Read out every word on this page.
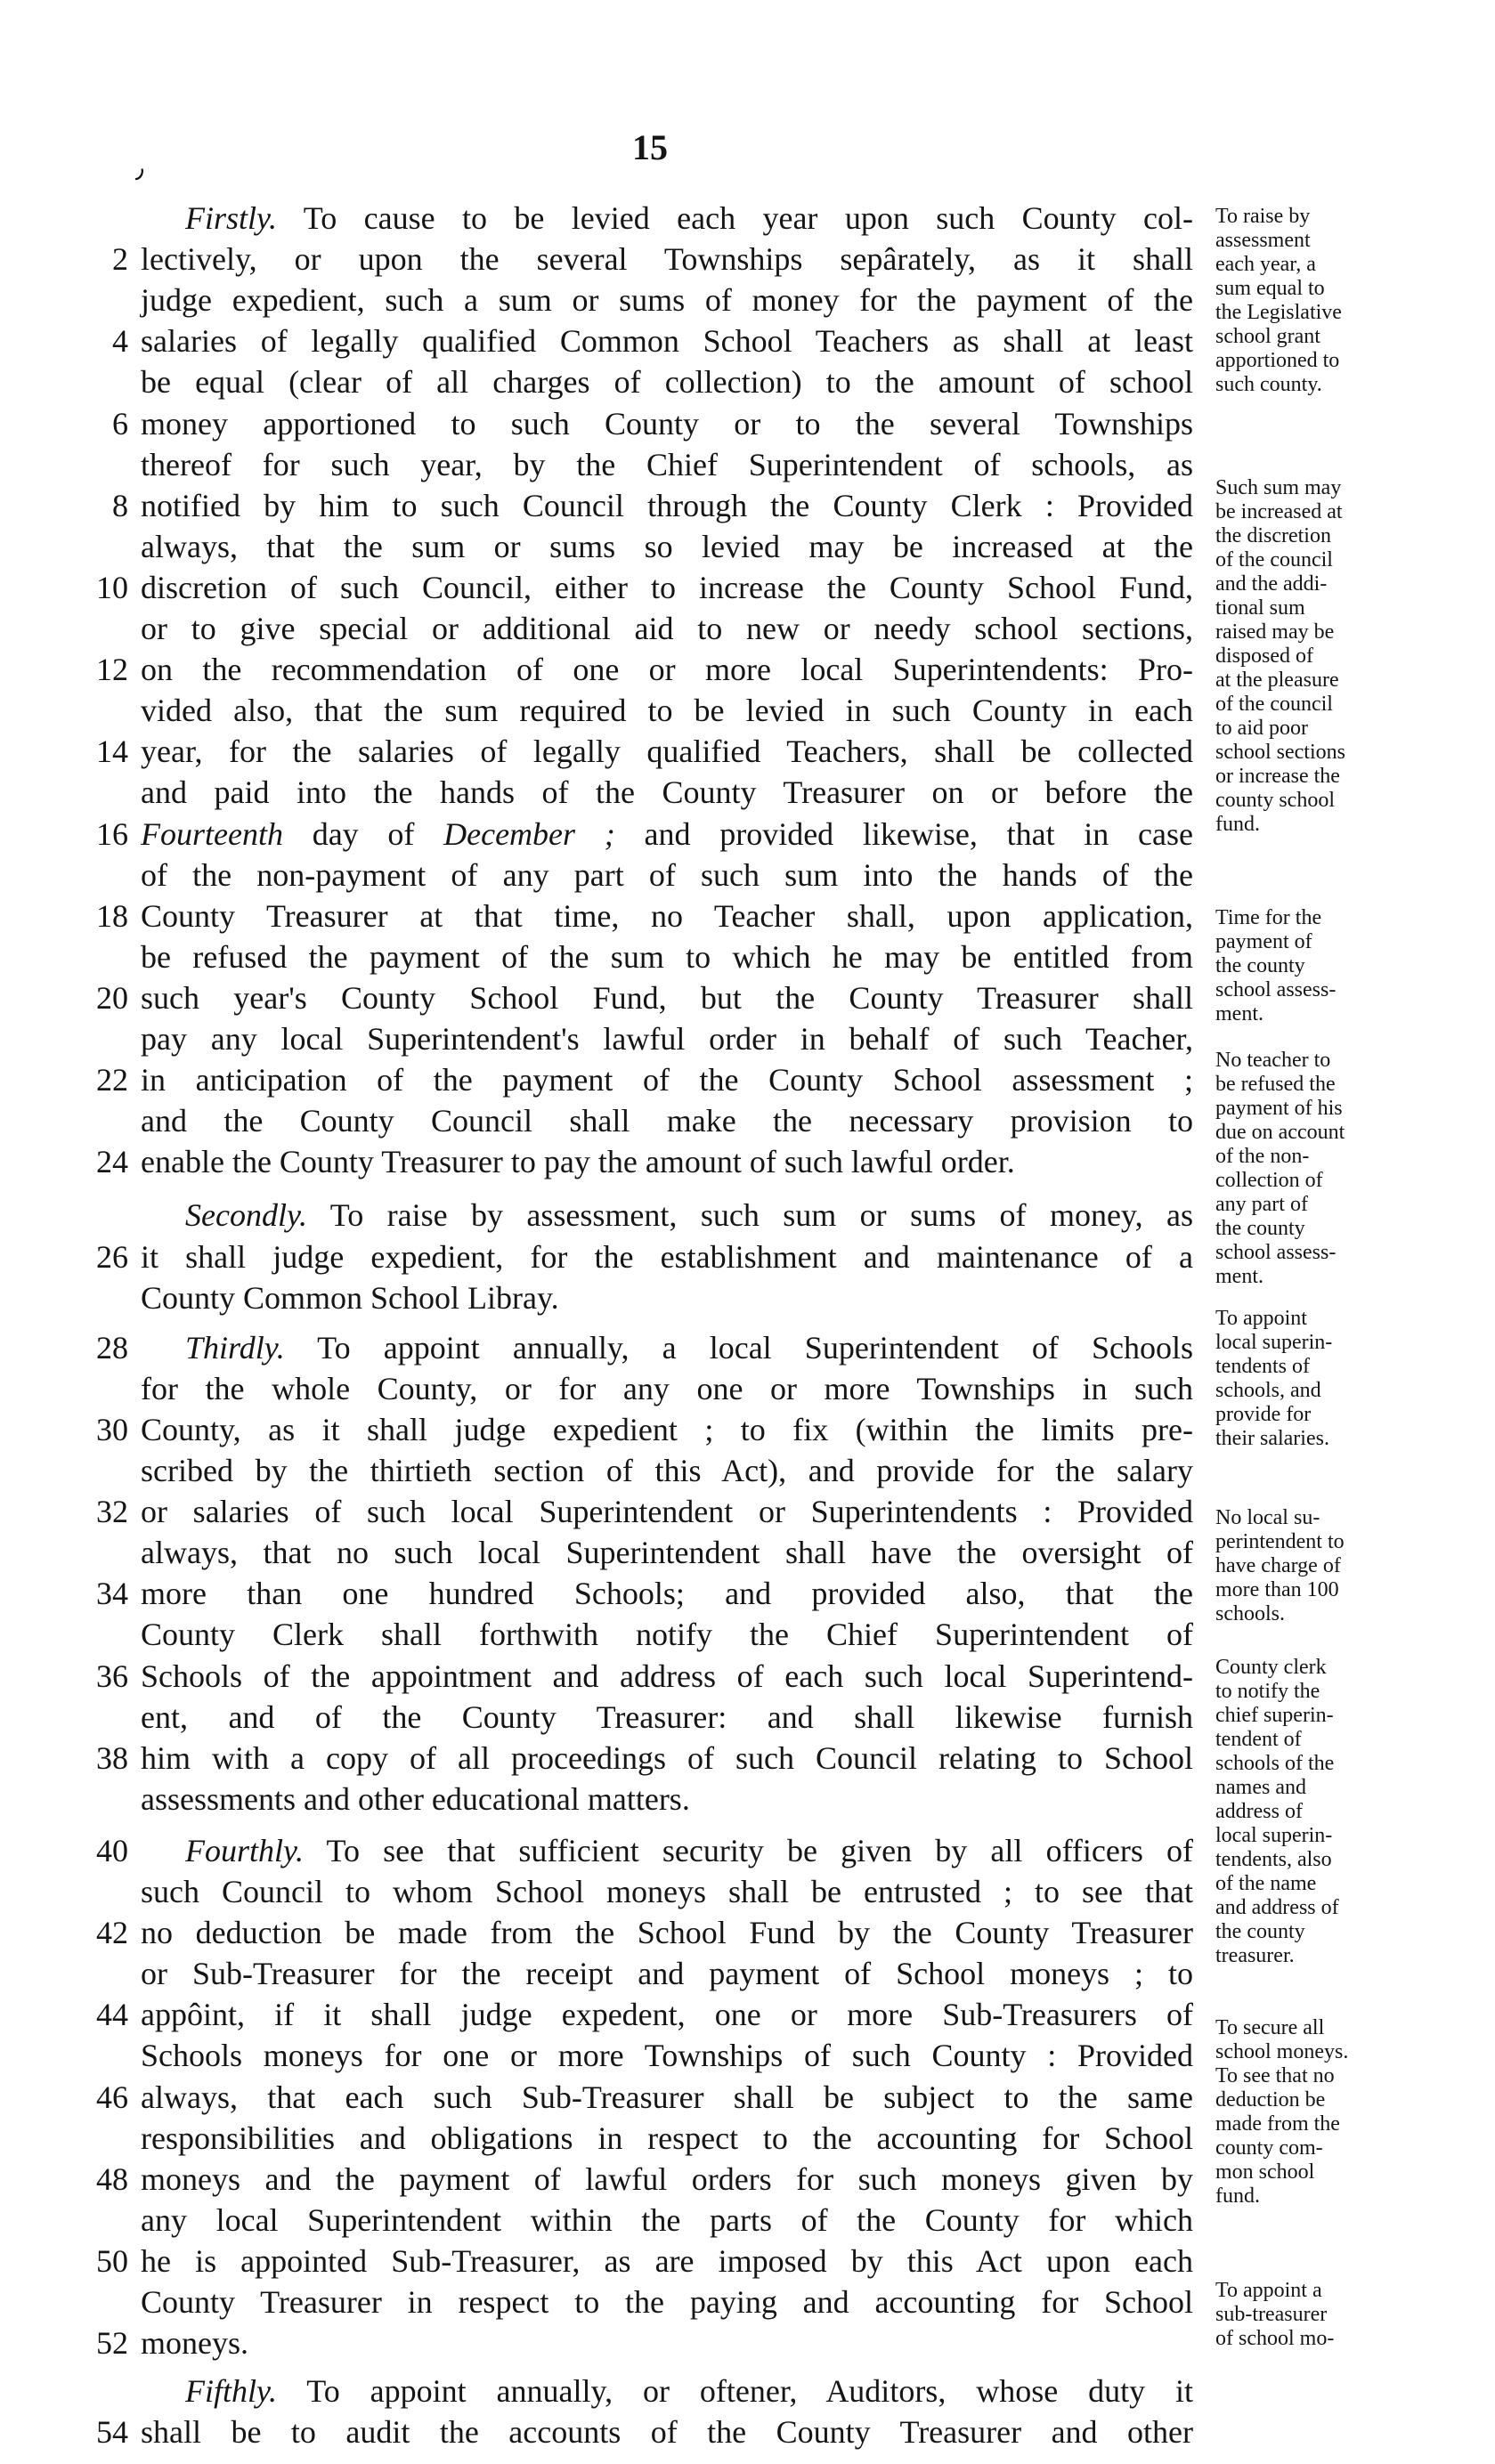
15
٫
Firstly. To cause to be levied each year upon such County col-
2 lectively, or upon the several Townships sepârately, as it shall
judge expedient, such a sum or sums of money for the payment of the
4 salaries of legally qualified Common School Teachers as shall at least
be equal (clear of all charges of collection) to the amount of school
6 money apportioned to such County or to the several Townships
thereof for such year, by the Chief Superintendent of schools, as
8 notified by him to such Council through the County Clerk : Provided
always, that the sum or sums so levied may be increased at the
10 discretion of such Council, either to increase the County School Fund,
or to give special or additional aid to new or needy school sections,
12 on the recommendation of one or more local Superintendents: Pro-
vided also, that the sum required to be levied in such County in each
14 year, for the salaries of legally qualified Teachers, shall be collected
and paid into the hands of the County Treasurer on or before the
16 Fourteenth day of December ; and provided likewise, that in case
of the non-payment of any part of such sum into the hands of the
18 County Treasurer at that time, no Teacher shall, upon application,
be refused the payment of the sum to which he may be entitled from
20 such year's County School Fund, but the County Treasurer shall
pay any local Superintendent's lawful order in behalf of such Teacher,
22 in anticipation of the payment of the County School assessment ;
and the County Council shall make the necessary provision to
24 enable the County Treasurer to pay the amount of such lawful order.
Secondly. To raise by assessment, such sum or sums of money, as
26 it shall judge expedient, for the establishment and maintenance of a
County Common School Libray.
28 Thirdly. To appoint annually, a local Superintendent of Schools
for the whole County, or for any one or more Townships in such
30 County, as it shall judge expedient ; to fix (within the limits pre-
scribed by the thirtieth section of this Act), and provide for the salary
32 or salaries of such local Superintendent or Superintendents : Provided
always, that no such local Superintendent shall have the oversight of
34 more than one hundred Schools; and provided also, that the
County Clerk shall forthwith notify the Chief Superintendent of
36 Schools of the appointment and address of each such local Superintend-
ent, and of the County Treasurer: and shall likewise furnish
38 him with a copy of all proceedings of such Council relating to School
assessments and other educational matters.
40 Fourthly. To see that sufficient security be given by all officers of
such Council to whom School moneys shall be entrusted ; to see that
42 no deduction be made from the School Fund by the County Treasurer
or Sub-Treasurer for the receipt and payment of School moneys ; to
44 appôint, if it shall judge expedent, one or more Sub-Treasurers of
Schools moneys for one or more Townships of such County : Provided
46 always, that each such Sub-Treasurer shall be subject to the same
responsibilities and obligations in respect to the accounting for School
48 moneys and the payment of lawful orders for such moneys given by
any local Superintendent within the parts of the County for which
50 he is appointed Sub-Treasurer, as are imposed by this Act upon each
County Treasurer in respect to the paying and accounting for School
52 moneys.
Fifthly. To appoint annually, or oftener, Auditors, whose duty it
54 shall be to audit the accounts of the County Treasurer and other
To raise by
assessment
each year, a
sum equal to
the Legislative
school grant
apportioned to
such county.
Such sum may
be increased at
the discretion
of the council
and the addi-
tional sum
raised may be
disposed of
at the pleasure
of the council
to aid poor
school sections
or increase the
county school
fund.
Time for the
payment of
the county
school assess-
ment.
No teacher to
be refused the
payment of his
due on account
of the non-
collection of
any part of
the county
school assess-
ment.
To appoint
local superin-
tendents of
schools, and
provide for
their salaries.
No local su-
perintendent to
have charge of
more than 100
schools.
County clerk
to notify the
chief superin-
tendent of
schools of the
names and
address of
local superin-
tendents, also
of the name
and address of
the county
treasurer.
To secure all
school moneys.
To see that no
deduction be
made from the
county com-
mon school
fund.
To appoint a
sub-treasurer
of school mo-
